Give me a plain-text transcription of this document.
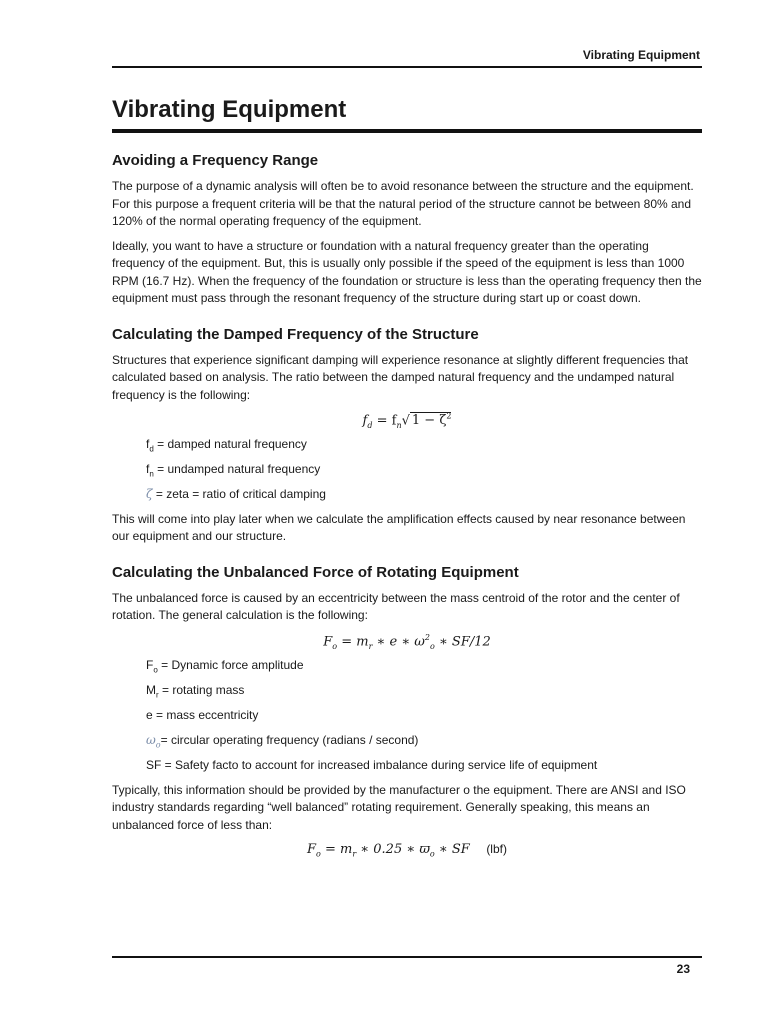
Vibrating Equipment
Vibrating Equipment
Avoiding a Frequency Range

The purpose of a dynamic analysis will often be to avoid resonance between the structure and the equipment. For this purpose a frequent criteria will be that the natural period of the structure cannot be between 80% and 120% of the normal operating frequency of the equipment.

Ideally, you want to have a structure or foundation with a natural frequency greater than the operating frequency of the equipment. But, this is usually only possible if the speed of the equipment is less than 1000 RPM (16.7 Hz). When the frequency of the foundation or structure is less than the operating frequency then the equipment must pass through the resonant frequency of the structure during start up or coast down.

Calculating the Damped Frequency of the Structure

Structures that experience significant damping will experience resonance at slightly different frequencies that calculated based on analysis. The ratio between the damped natural frequency and the undamped natural frequency is the following:

$f_d = f_n√$ $1 - \zeta^2$
$f_d$ = damped natural frequency
$f_n$ = undamped natural frequency
ζ = zeta = ratio of critical damping

This will come into play later when we calculate the amplification effects caused by near resonance between our equipment and our structure.

Calculating the Unbalanced Force of Rotating Equipment

The unbalanced force is caused by an eccentricity between the mass centroid of the rotor and the center of rotation. The general calculation is the following:

$F_o = m_r$ ∗ e ∗ $\omega^2_o$ ∗ SF/12
$F_o$ = Dynamic force amplitude
$M_r$ = rotating mass
e = mass eccentricity
$\omega_o=$ circular operating frequency (radians / second)
SF = Safety facto to account for increased imbalance during service life of equipment

Typically, this information should be provided by the manufacturer o the equipment. There are ANSI and ISO industry standards regarding “well balanced” rotating requirement. Generally speaking, this means an unbalanced force of less than:

$F_o = m_r$ ∗ 0.25 ∗ $ϖ_o$ ∗ SF (lbf)
23
